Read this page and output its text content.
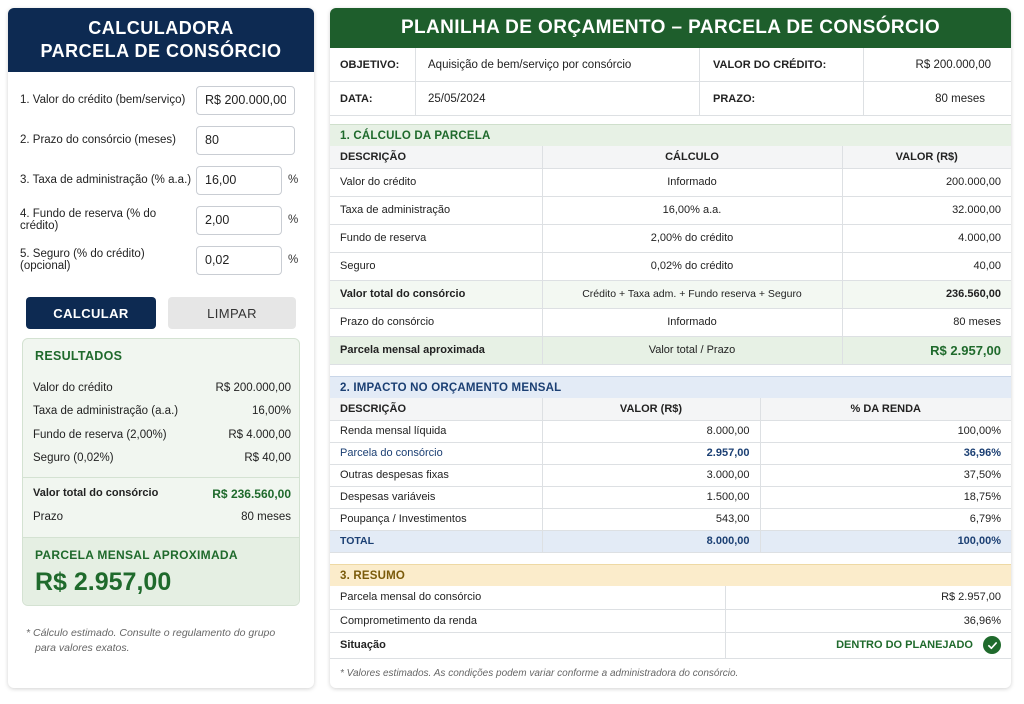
CALCULADORA
PARCELA DE CONSÓRCIO
1. Valor do crédito (bem/serviço)
R$ 200.000,00
2. Prazo do consórcio (meses)
80
3. Taxa de administração (% a.a.)
16,00	%
4. Fundo de reserva (% do crédito)
2,00	%
5. Seguro (% do crédito) (opcional)
0,02	%
CALCULAR	LIMPAR
RESULTADOS
Valor do crédito	R$ 200.000,00
Taxa de administração (a.a.)	16,00%
Fundo de reserva (2,00%)	R$ 4.000,00
Seguro (0,02%)	R$ 40,00
Valor total do consórcio	R$ 236.560,00
Prazo	80 meses
PARCELA MENSAL APROXIMADA
R$ 2.957,00
* Cálculo estimado. Consulte o regulamento do grupo
para valores exatos.
PLANILHA DE ORÇAMENTO – PARCELA DE CONSÓRCIO
OBJETIVO:	Aquisição de bem/serviço por consórcio	VALOR DO CRÉDITO:	R$ 200.000,00
DATA:	25/05/2024	PRAZO:	80 meses
1. CÁLCULO DA PARCELA
DESCRIÇÃO	CÁLCULO	VALOR (R$)
Valor do crédito	Informado	200.000,00
Taxa de administração	16,00% a.a.	32.000,00
Fundo de reserva	2,00% do crédito	4.000,00
Seguro	0,02% do crédito	40,00
Valor total do consórcio	Crédito + Taxa adm. + Fundo reserva + Seguro	236.560,00
Prazo do consórcio	Informado	80 meses
Parcela mensal aproximada	Valor total / Prazo	R$ 2.957,00
2. IMPACTO NO ORÇAMENTO MENSAL
DESCRIÇÃO	VALOR (R$)	% DA RENDA
Renda mensal líquida	8.000,00	100,00%
Parcela do consórcio	2.957,00	36,96%
Outras despesas fixas	3.000,00	37,50%
Despesas variáveis	1.500,00	18,75%
Poupança / Investimentos	543,00	6,79%
TOTAL	8.000,00	100,00%
3. RESUMO
Parcela mensal do consórcio	R$ 2.957,00
Comprometimento da renda	36,96%
Situação	DENTRO DO PLANEJADO
* Valores estimados. As condições podem variar conforme a administradora do consórcio.
